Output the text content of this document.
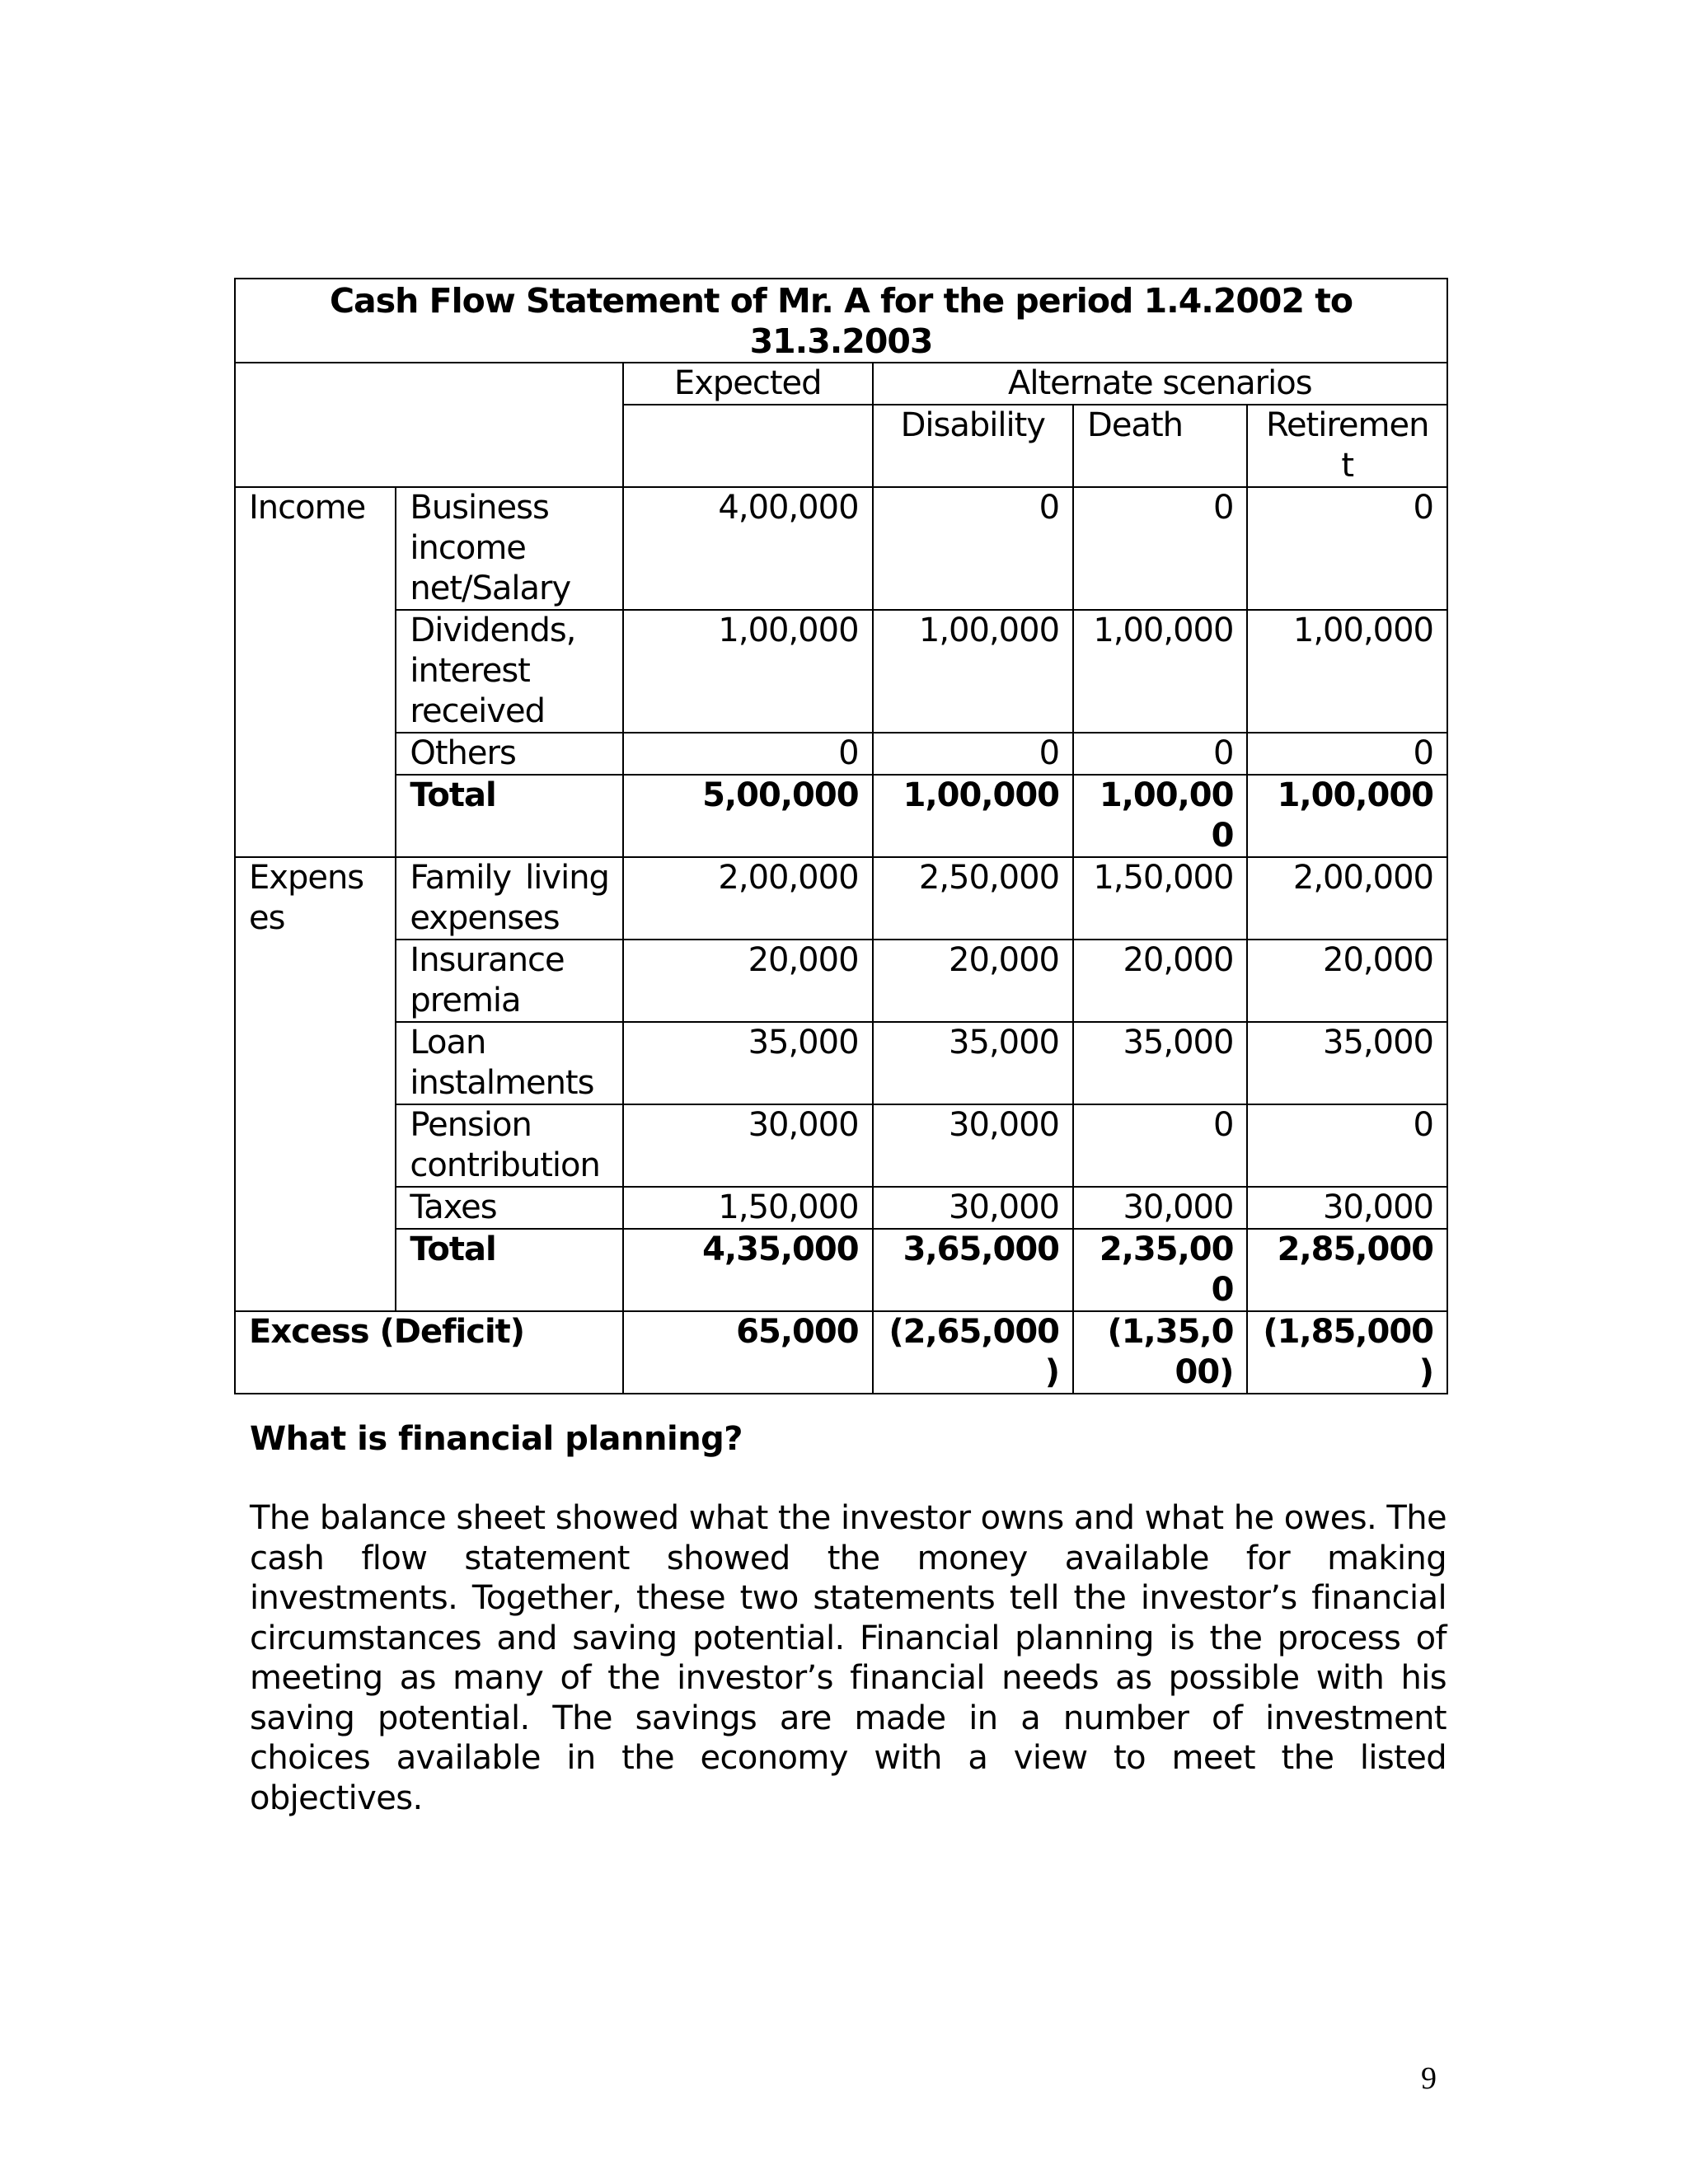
Cash Flow Statement of Mr. A for the period 1.4.2002 to 31.3.2003					
		Expected	Alternate scenarios		
			Disability	Death	Retirement
Income	Business income net/Salary	4,00,000	0	0	0
	Dividends, interest received	1,00,000	1,00,000	1,00,000	1,00,000
	Others	0	0	0	0
	Total	5,00,000	1,00,000	1,00,000	1,00,000
Expenses	Family living expenses	2,00,000	2,50,000	1,50,000	2,00,000
	Insurance premia	20,000	20,000	20,000	20,000
	Loan instalments	35,000	35,000	35,000	35,000
	Pension contribution	30,000	30,000	0	0
	Taxes	1,50,000	30,000	30,000	30,000
	Total	4,35,000	3,65,000	2,35,000	2,85,000
Excess (Deficit)		65,000	(2,65,000)	(1,35,000)	(1,85,000)
What is financial planning?

The balance sheet showed what the investor owns and what he owes. The cash flow statement showed the money available for making investments. Together, these two statements tell the investor’s financial circumstances and saving potential. Financial planning is the process of meeting as many of the investor’s financial needs as possible with his saving potential. The savings are made in a number of investment choices available in the economy with a view to meet the listed objectives.

9
